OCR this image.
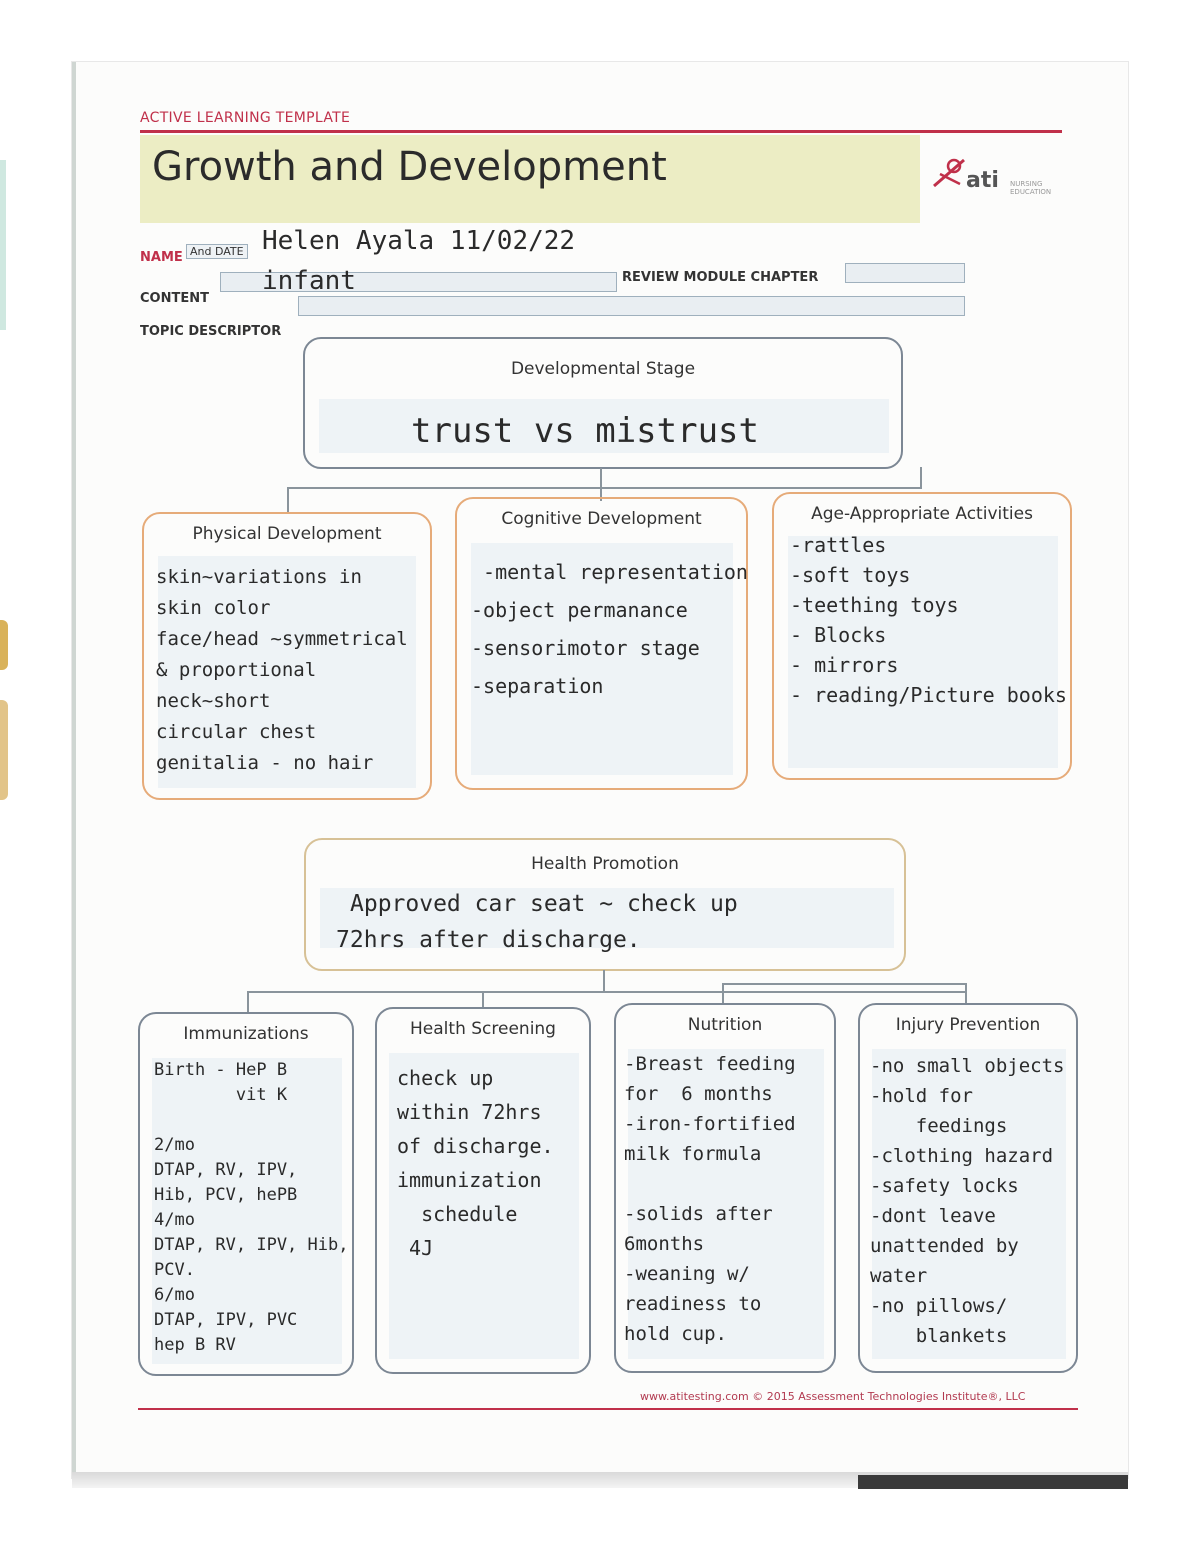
ACTIVE LEARNING TEMPLATE
Growth and Development	ati NURSING EDUCATION
NAME And DATE Helen Ayala 11/02/22
CONTENT
infant	REVIEW MODULE CHAPTER
TOPIC DESCRIPTOR
Developmental Stage
trust vs mistrust
Physical Development
skin~variations in
skin color
face/head ~symmetrical
& proportional
neck~short
circular chest
genitalia - no hair
Cognitive Development
-mental representation
-object permanance
-sensorimotor stage
-separation
Age-Appropriate Activities
-rattles
-soft toys
-teething toys
- Blocks
- mirrors
- reading/Picture books
Health Promotion
Approved car seat ~ check up
72hrs after discharge.
Immunizations
Birth - HeP B
vit K

2/mo
DTAP, RV, IPV,
Hib, PCV, hePB
4/mo
DTAP, RV, IPV, Hib,
PCV.
6/mo
DTAP, IPV, PVC
hep B RV
Health Screening
check up
within 72hrs
of discharge.
immunization
schedule
4J
Nutrition
-Breast feeding
for  6 months
-iron-fortified
milk formula

-solids after
6months
-weaning w/
readiness to
hold cup.
Injury Prevention
-no small objects
-hold for
feedings
-clothing hazard
-safety locks
-dont leave
unattended by
water
-no pillows/
blankets
www.atitesting.com © 2015 Assessment Technologies Institute®, LLC
